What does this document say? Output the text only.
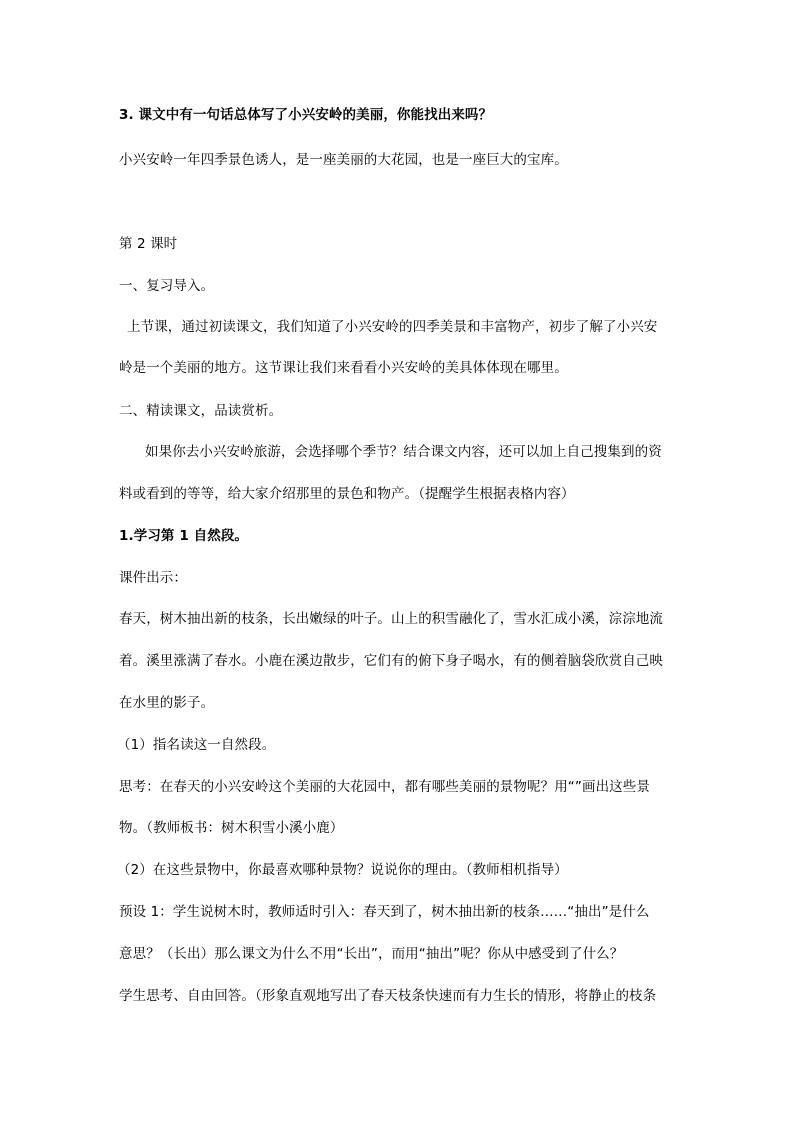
3. 课文中有一句话总体写了小兴安岭的美丽，你能找出来吗？
小兴安岭一年四季景色诱人，是一座美丽的大花园，也是一座巨大的宝库。
第 2 课时
一、复习导入。
上节课，通过初读课文，我们知道了小兴安岭的四季美景和丰富物产，初步了解了小兴安
岭是一个美丽的地方。这节课让我们来看看小兴安岭的美具体体现在哪里。
二、精读课文，品读赏析。
如果你去小兴安岭旅游，会选择哪个季节？结合课文内容，还可以加上自己搜集到的资
料或看到的等等，给大家介绍那里的景色和物产。（提醒学生根据表格内容）
1.学习第 1 自然段。
课件出示：
春天，树木抽出新的枝条，长出嫩绿的叶子。山上的积雪融化了，雪水汇成小溪，淙淙地流
着。溪里涨满了春水。小鹿在溪边散步，它们有的俯下身子喝水，有的侧着脑袋欣赏自己映
在水里的影子。
（1）指名读这一自然段。
思考：在春天的小兴安岭这个美丽的大花园中，都有哪些美丽的景物呢？用“”画出这些景
物。（教师板书：树木积雪小溪小鹿）
（2）在这些景物中，你最喜欢哪种景物？说说你的理由。（教师相机指导）
预设 1：学生说树木时，教师适时引入：春天到了，树木抽出新的枝条……“抽出”是什么
意思？（长出）那么课文为什么不用“长出”，而用“抽出”呢？你从中感受到了什么？
学生思考、自由回答。（形象直观地写出了春天枝条快速而有力生长的情形，将静止的枝条
